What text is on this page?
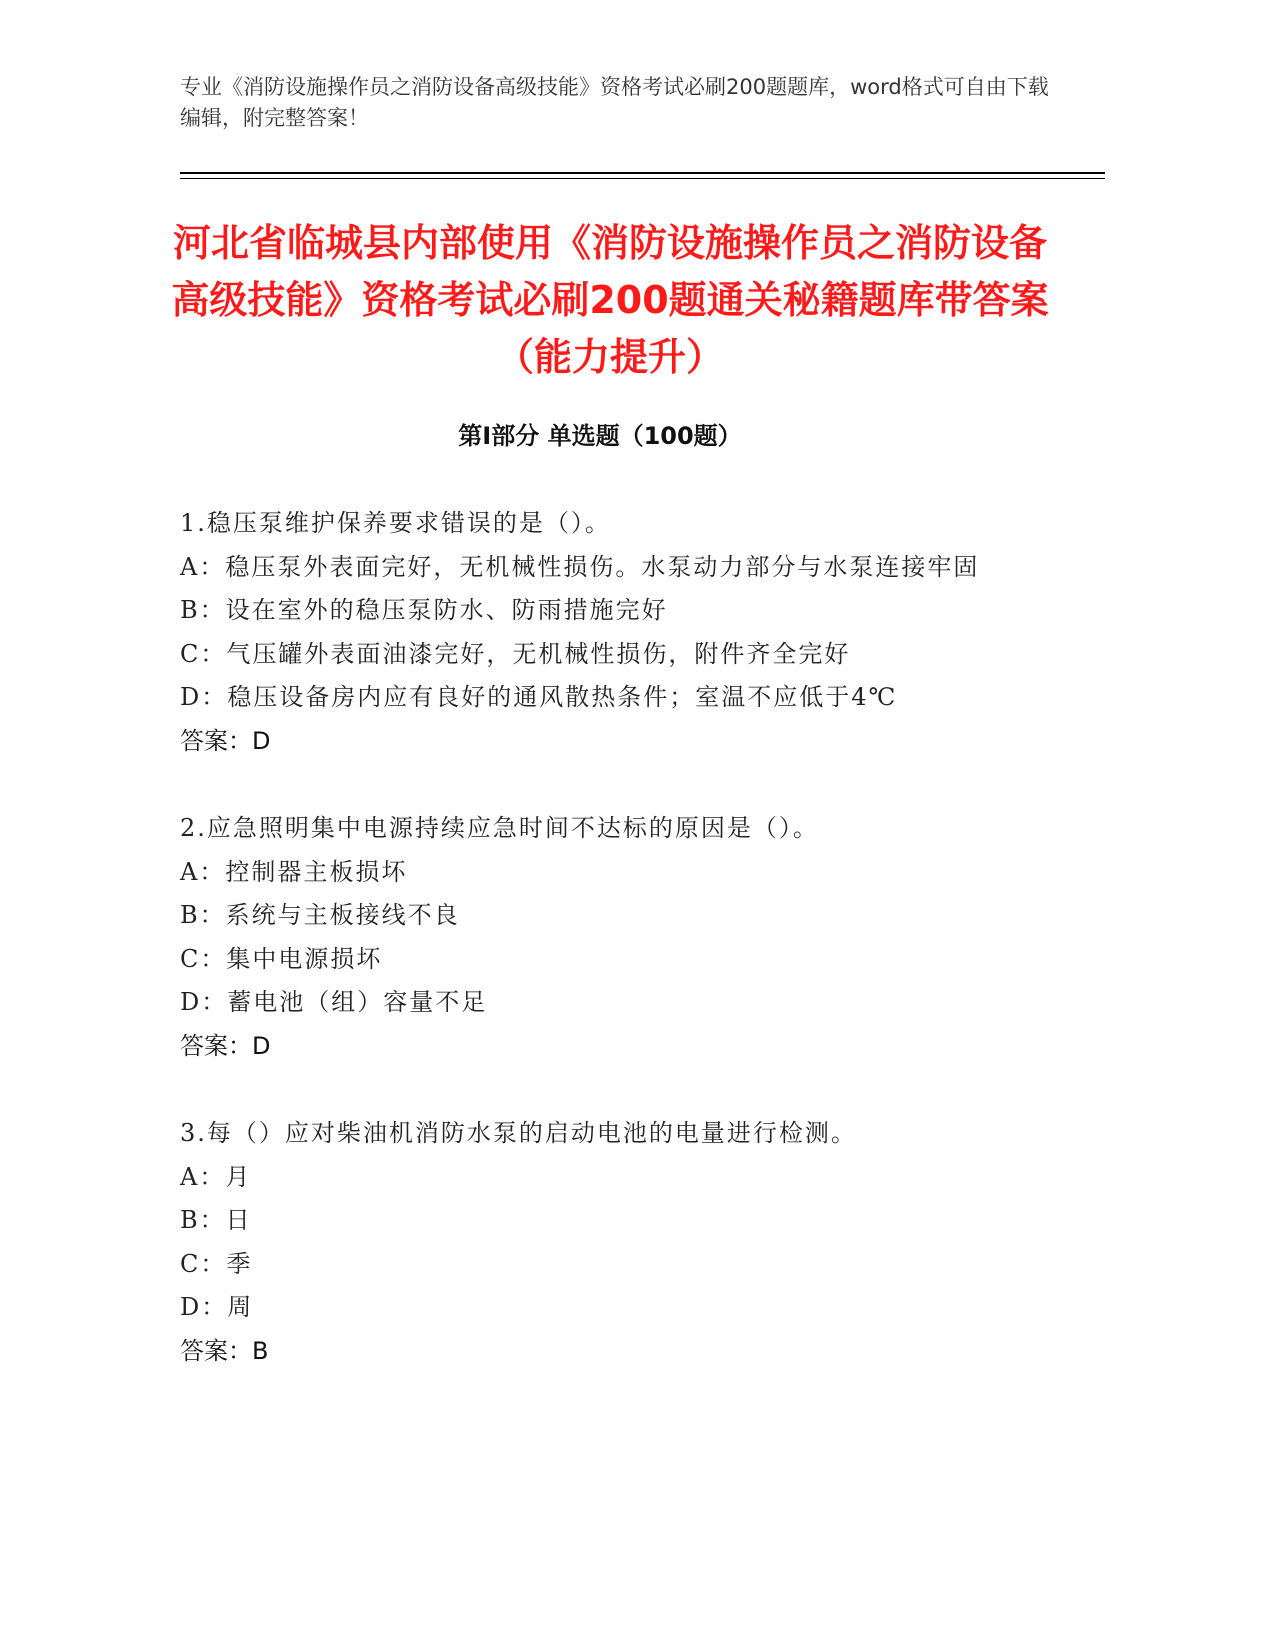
专业《消防设施操作员之消防设备高级技能》资格考试必刷200题题库，word格式可自由下载编辑，附完整答案！
河北省临城县内部使用《消防设施操作员之消防设备高级技能》资格考试必刷200题通关秘籍题库带答案（能力提升）
第Ⅰ部分 单选题（100题）
1.稳压泵维护保养要求错误的是（）。
A：稳压泵外表面完好，无机械性损伤。水泵动力部分与水泵连接牢固
B：设在室外的稳压泵防水、防雨措施完好
C：气压罐外表面油漆完好，无机械性损伤，附件齐全完好
D：稳压设备房内应有良好的通风散热条件；室温不应低于4℃
答案：D
2.应急照明集中电源持续应急时间不达标的原因是（）。
A：控制器主板损坏
B：系统与主板接线不良
C：集中电源损坏
D：蓄电池（组）容量不足
答案：D
3.每（）应对柴油机消防水泵的启动电池的电量进行检测。
A：月
B：日
C：季
D：周
答案：B
